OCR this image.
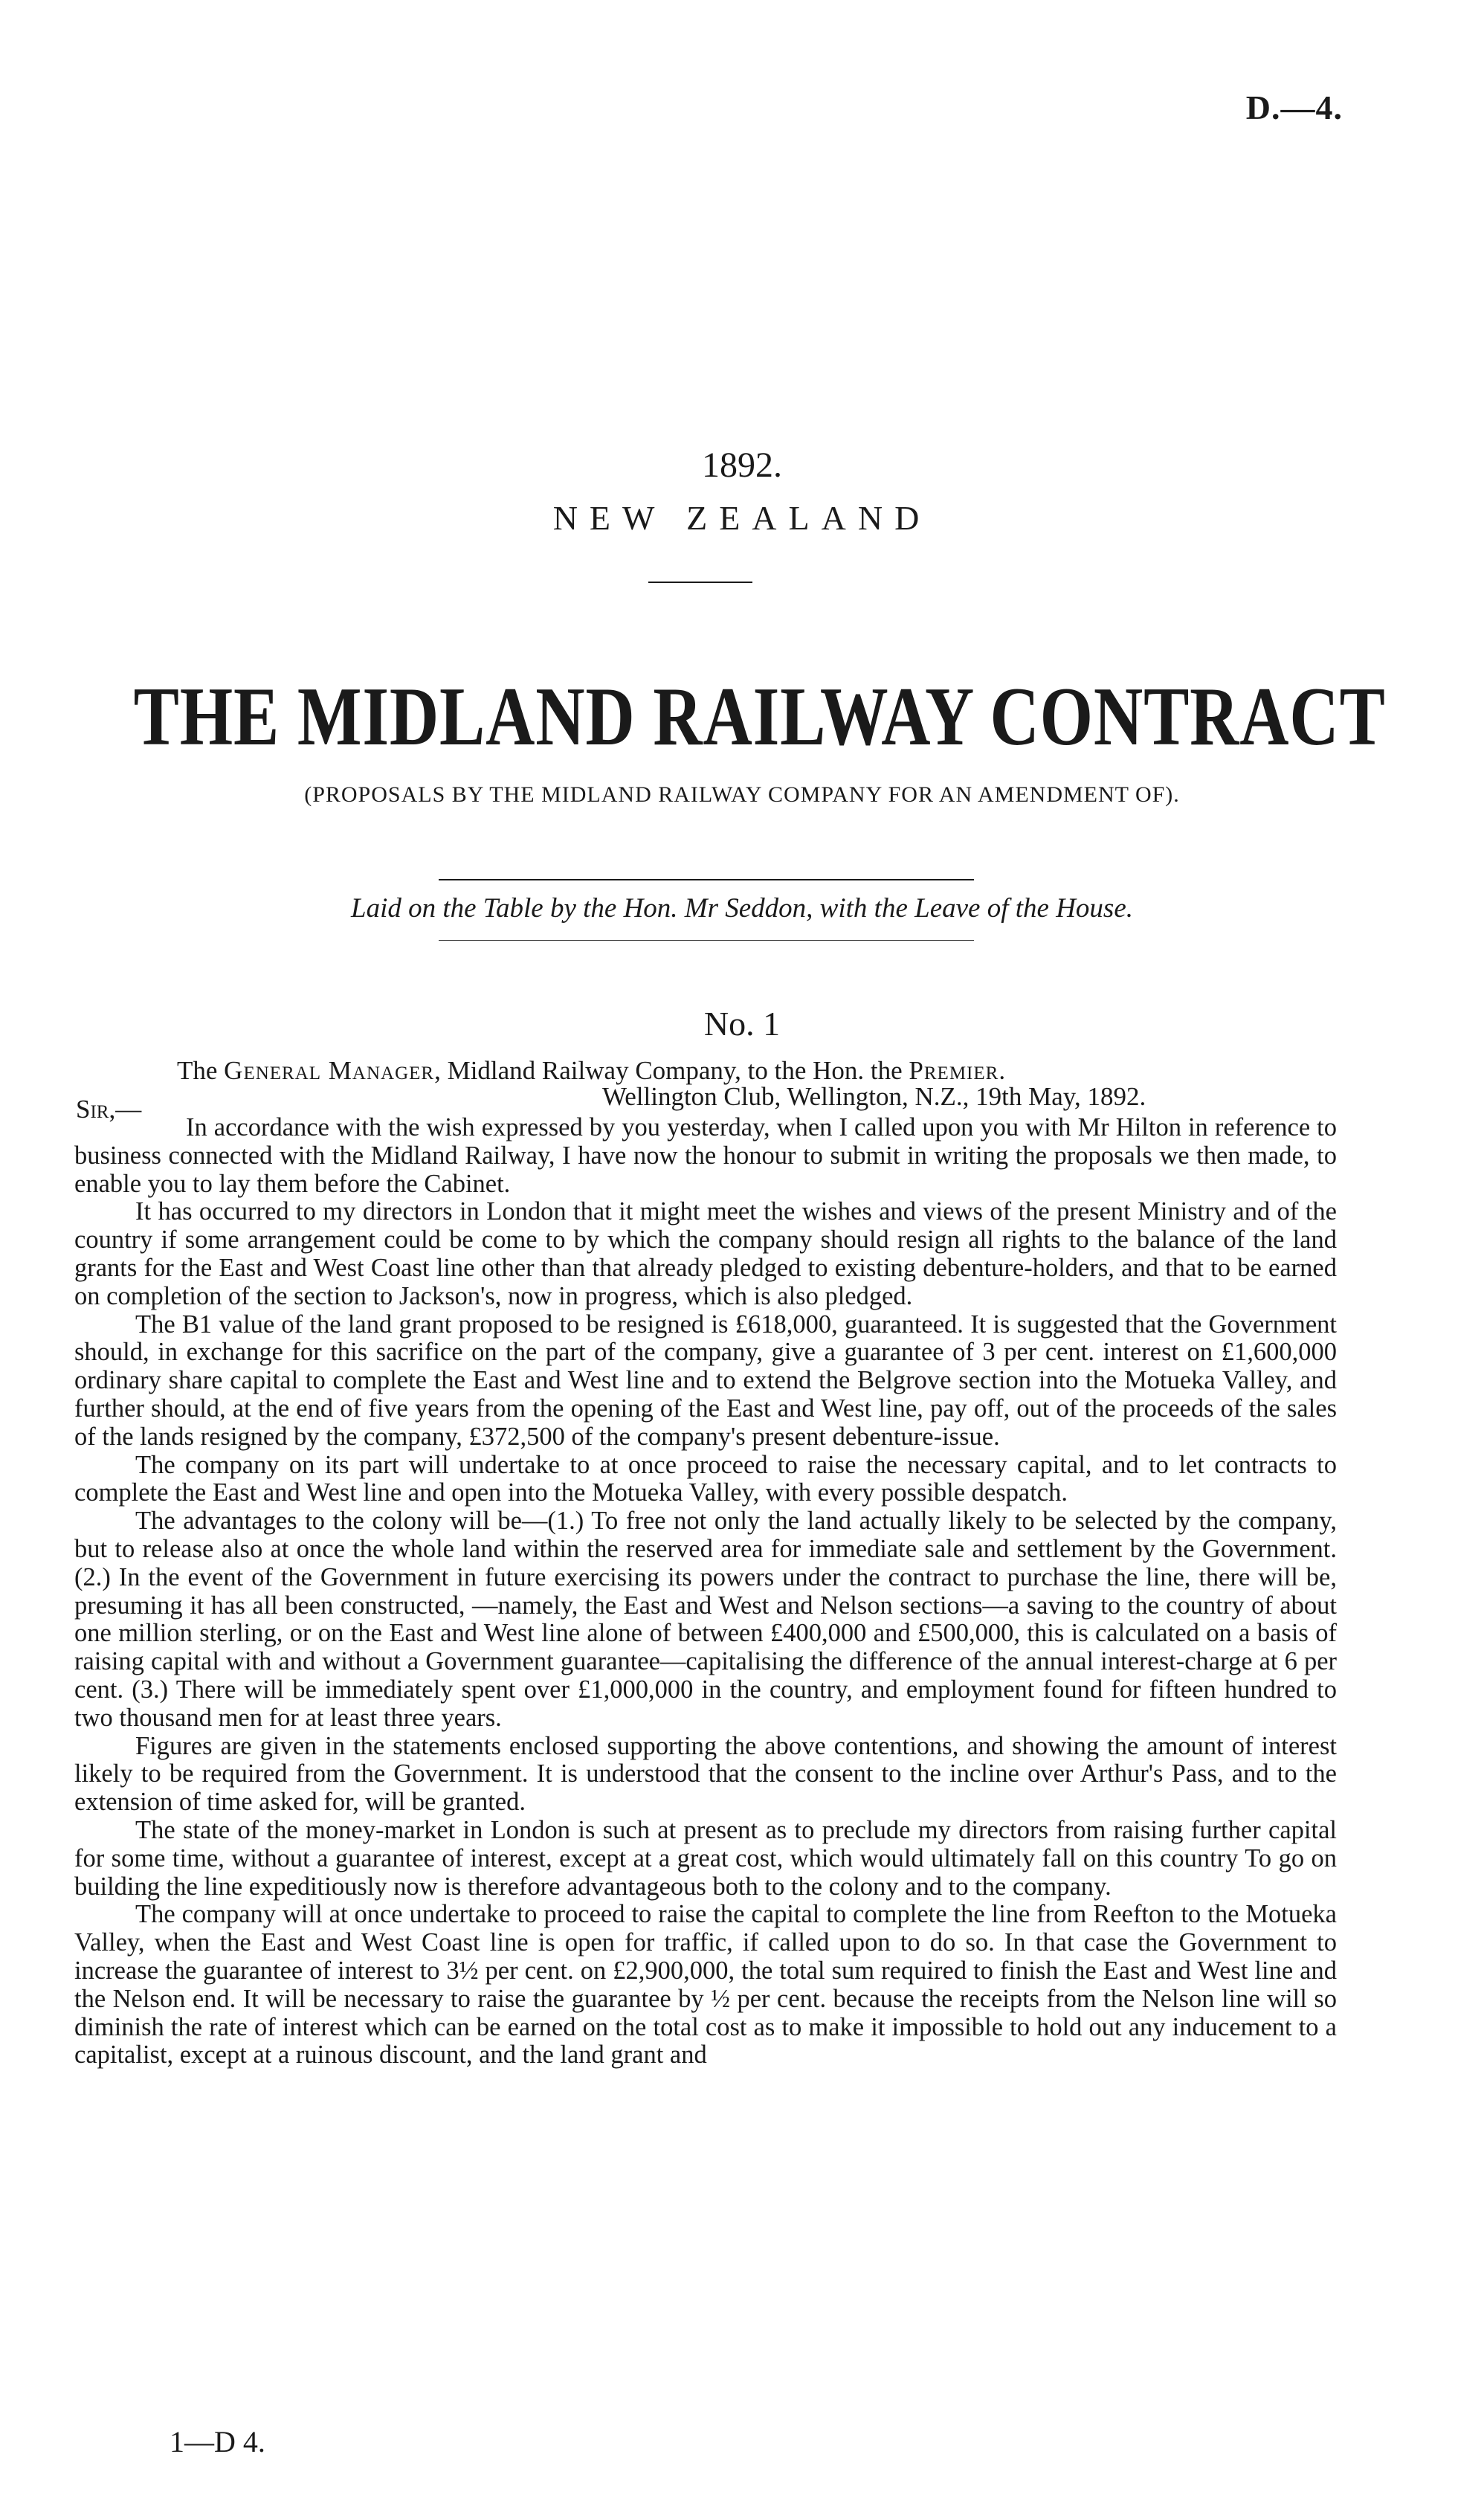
D.—4.
1892.
NEW ZEALAND
THE MIDLAND RAILWAY CONTRACT
(PROPOSALS BY THE MIDLAND RAILWAY COMPANY FOR AN AMENDMENT OF).
Laid on the Table by the Hon. Mr Seddon, with the Leave of the House.
No. 1
The General Manager, Midland Railway Company, to the Hon. the Premier.
Sir,—	Wellington Club, Wellington, N.Z., 19th May, 1892.

In accordance with the wish expressed by you yesterday, when I called upon you with Mr Hilton in reference to business connected with the Midland Railway, I have now the honour to submit in writing the proposals we then made, to enable you to lay them before the Cabinet.

It has occurred to my directors in London that it might meet the wishes and views of the present Ministry and of the country if some arrangement could be come to by which the company should resign all rights to the balance of the land grants for the East and West Coast line other than that already pledged to existing debenture-holders, and that to be earned on completion of the section to Jackson's, now in progress, which is also pledged.

The B1 value of the land grant proposed to be resigned is £618,000, guaranteed. It is suggested that the Government should, in exchange for this sacrifice on the part of the company, give a guarantee of 3 per cent. interest on £1,600,000 ordinary share capital to complete the East and West line and to extend the Belgrove section into the Motueka Valley, and further should, at the end of five years from the opening of the East and West line, pay off, out of the proceeds of the sales of the lands resigned by the company, £372,500 of the company's present debenture-issue.

The company on its part will undertake to at once proceed to raise the necessary capital, and to let contracts to complete the East and West line and open into the Motueka Valley, with every possible despatch.

The advantages to the colony will be—(1.) To free not only the land actually likely to be selected by the company, but to release also at once the whole land within the reserved area for immediate sale and settlement by the Government. (2.) In the event of the Government in future exercising its powers under the contract to purchase the line, there will be, presuming it has all been constructed, —namely, the East and West and Nelson sections—a saving to the country of about one million sterling, or on the East and West line alone of between £400,000 and £500,000, this is calculated on a basis of raising capital with and without a Government guarantee—capitalising the difference of the annual interest-charge at 6 per cent. (3.) There will be immediately spent over £1,000,000 in the country, and employment found for fifteen hundred to two thousand men for at least three years.

Figures are given in the statements enclosed supporting the above contentions, and showing the amount of interest likely to be required from the Government. It is understood that the consent to the incline over Arthur's Pass, and to the extension of time asked for, will be granted.

The state of the money-market in London is such at present as to preclude my directors from raising further capital for some time, without a guarantee of interest, except at a great cost, which would ultimately fall on this country To go on building the line expeditiously now is therefore advantageous both to the colony and to the company.

The company will at once undertake to proceed to raise the capital to complete the line from Reefton to the Motueka Valley, when the East and West Coast line is open for traffic, if called upon to do so. In that case the Government to increase the guarantee of interest to 3½ per cent. on £2,900,000, the total sum required to finish the East and West line and the Nelson end. It will be necessary to raise the guarantee by ½ per cent. because the receipts from the Nelson line will so diminish the rate of interest which can be earned on the total cost as to make it impossible to hold out any inducement to a capitalist, except at a ruinous discount, and the land grant and

1—D 4.
